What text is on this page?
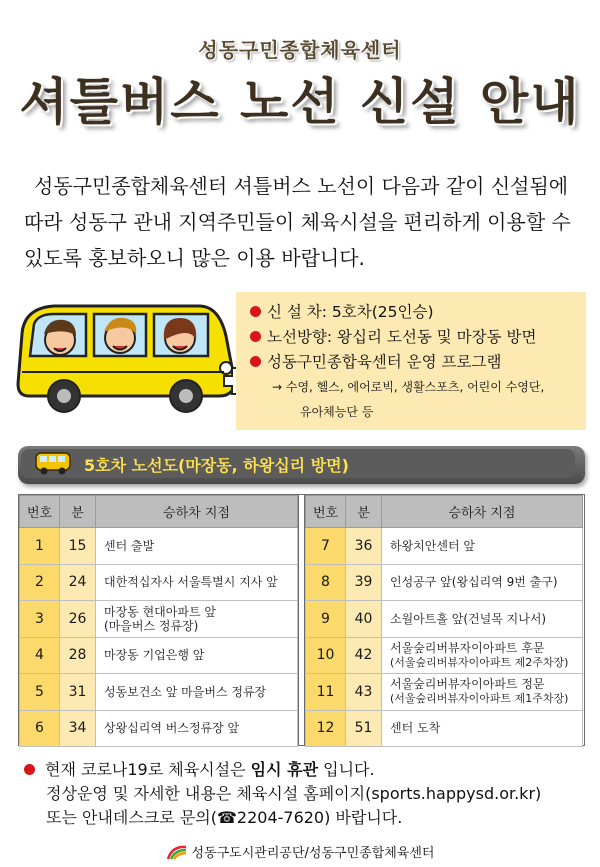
성동구민종합체육센터
셔틀버스 노선 신설 안내
성동구민종합체육센터 셔틀버스 노선이 다음과 같이 신설됨에 따라 성동구 관내 지역주민들이 체육시설을 편리하게 이용할 수 있도록 홍보하오니 많은 이용 바랍니다.
신 설 차: 5호차(25인승)
노선방향: 왕십리 도선동 및 마장동 방면
성동구민종합육센터 운영 프로그램
→ 수영, 헬스, 에어로빅, 생활스포츠, 어린이 수영단,
유아체능단 등
5호차 노선도(마장동, 하왕십리 방면)
번호	분	승하차 지점
1	15	센터 출발
2	24	대한적십자사 서울특별시 지사 앞
3	26	마장동 현대아파트 앞
(마을버스 정류장)
4	28	마장동 기업은행 앞
5	31	성동보건소 앞 마을버스 정류장
6	34	상왕십리역 버스정류장 앞
번호	분	승하차 지점
7	36	하왕치안센터 앞
8	39	인성공구 앞(왕십리역 9번 출구)
9	40	소월아트홀 앞(건널목 지나서)
10	42	서울숲리버뷰자이아파트 후문
(서울숲리버뷰자이아파트 제2주차장)
11	43	서울숲리버뷰자이아파트 정문
(서울숲리버뷰자이아파트 제1주차장)
12	51	센터 도착
현재 코로나19로 체육시설은 임시 휴관 입니다.
정상운영 및 자세한 내용은 체육시설 홈페이지(sports.happysd.or.kr)
또는 안내데스크로 문의(☎2204-7620) 바랍니다.
성동구도시관리공단/성동구민종합체육센터
